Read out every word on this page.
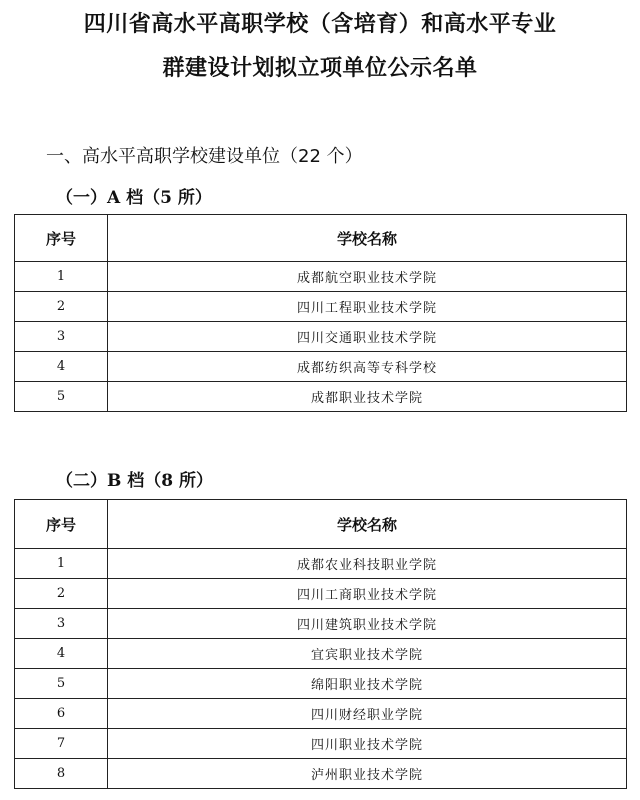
四川省高水平高职学校（含培育）和高水平专业
群建设计划拟立项单位公示名单
一、高水平高职学校建设单位（22 个）
（一）A 档（5 所）
序号	学校名称
1	成都航空职业技术学院
2	四川工程职业技术学院
3	四川交通职业技术学院
4	成都纺织高等专科学校
5	成都职业技术学院
（二）B 档（8 所）
序号	学校名称
1	成都农业科技职业学院
2	四川工商职业技术学院
3	四川建筑职业技术学院
4	宜宾职业技术学院
5	绵阳职业技术学院
6	四川财经职业学院
7	四川职业技术学院
8	泸州职业技术学院
